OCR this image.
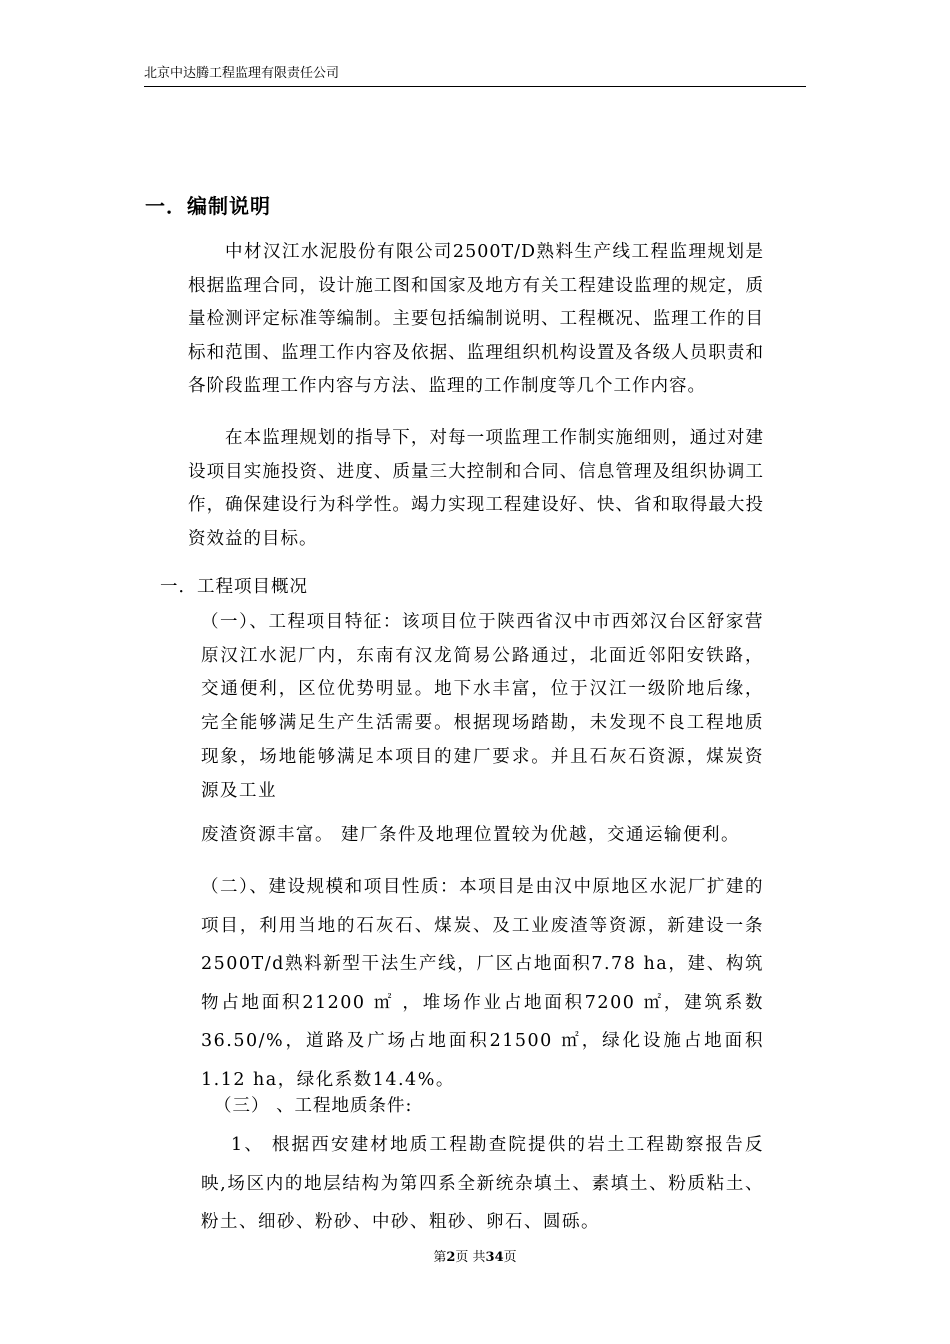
北京中达腾工程监理有限责任公司
一．编制说明

中材汉江水泥股份有限公司2500T/D熟料生产线工程监理规划是根据监理合同，设计施工图和国家及地方有关工程建设监理的规定，质量检测评定标准等编制。主要包括编制说明、工程概况、监理工作的目标和范围、监理工作内容及依据、监理组织机构设置及各级人员职责和各阶段监理工作内容与方法、监理的工作制度等几个工作内容。

在本监理规划的指导下，对每一项监理工作制实施细则，通过对建设项目实施投资、进度、质量三大控制和合同、信息管理及组织协调工作，确保建设行为科学性。竭力实现工程建设好、快、省和取得最大投资效益的目标。

一．工程项目概况

（一）、工程项目特征：该项目位于陕西省汉中市西郊汉台区舒家营原汉江水泥厂内，东南有汉龙简易公路通过，北面近邻阳安铁路，交通便利，区位优势明显。地下水丰富，位于汉江一级阶地后缘，完全能够满足生产生活需要。根据现场踏勘，未发现不良工程地质现象，场地能够满足本项目的建厂要求。并且石灰石资源，煤炭资源及工业

废渣资源丰富。 建厂条件及地理位置较为优越，交通运输便利。

（二）、建设规模和项目性质：本项目是由汉中原地区水泥厂扩建的项目，利用当地的石灰石、煤炭、及工业废渣等资源，新建设一条2500T/d熟料新型干法生产线，厂区占地面积7.78 ha，建、构筑物占地面积21200 ㎡ ，堆场作业占地面积7200 ㎡，建筑系数36.50/%，道路及广场占地面积21500 ㎡，绿化设施占地面积1.12 ha，绿化系数14.4%。

（三） 、工程地质条件:

1、 根据西安建材地质工程勘查院提供的岩土工程勘察报告反映,场区内的地层结构为第四系全新统杂填土、素填土、粉质粘土、粉土、细砂、粉砂、中砂、粗砂、卵石、圆砾。

第2页 共34页
